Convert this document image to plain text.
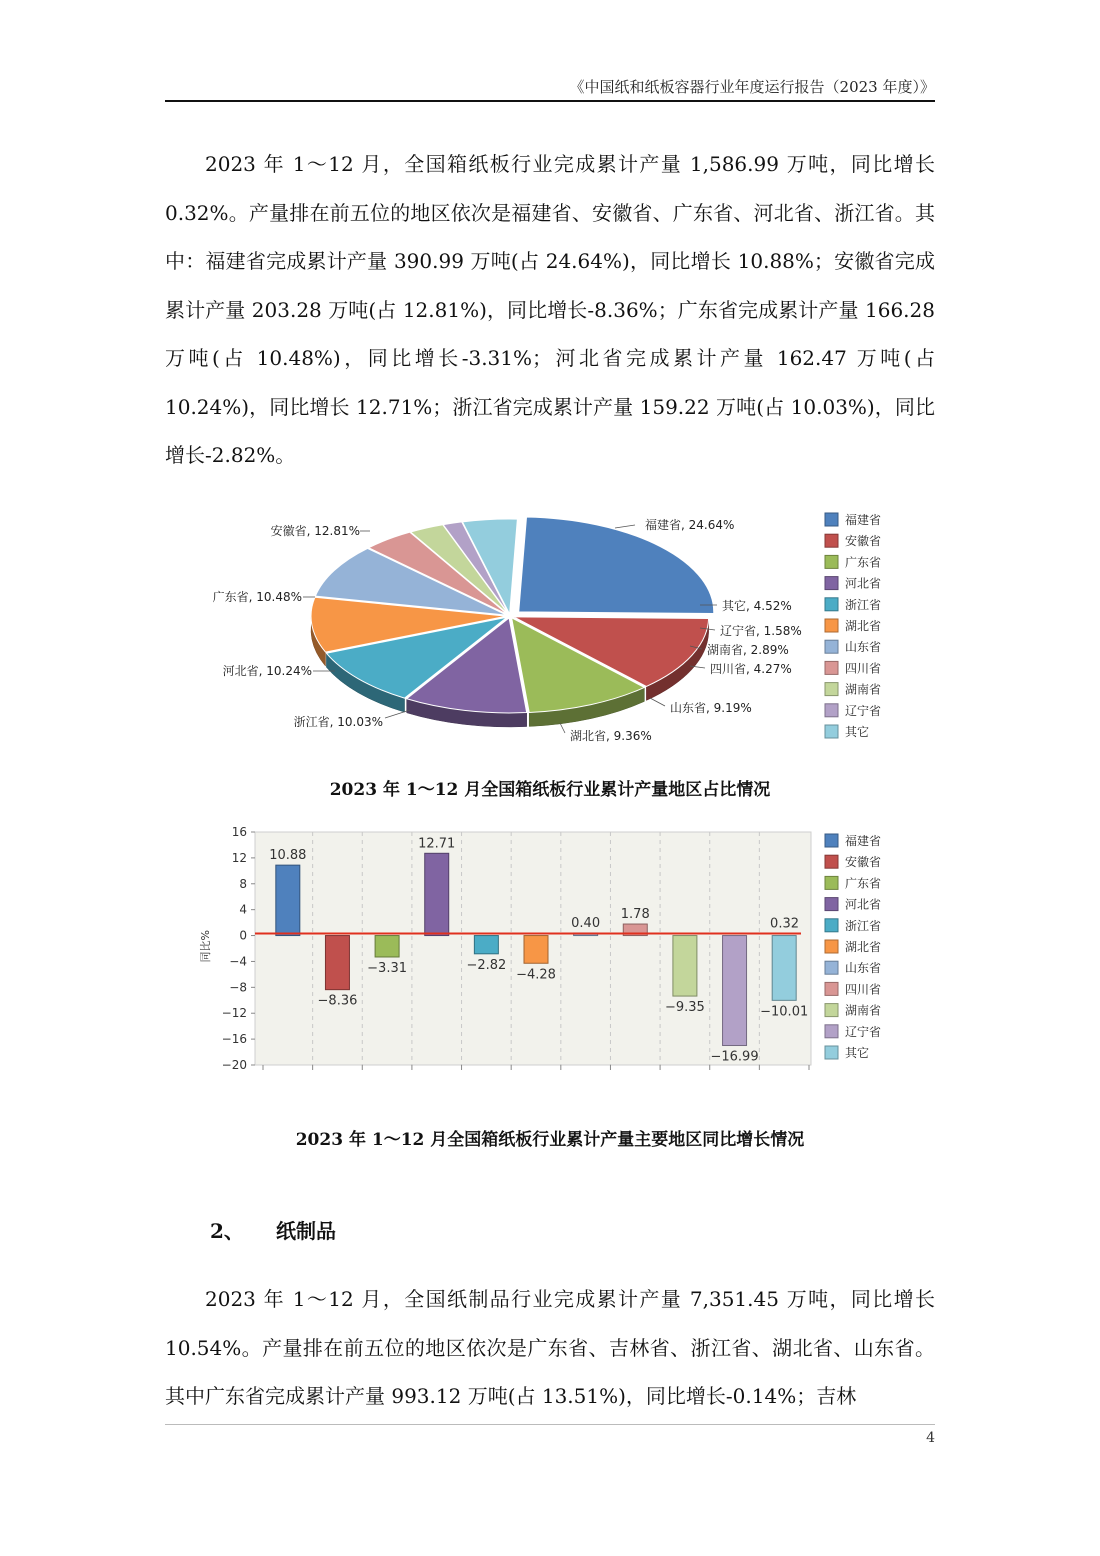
《中国纸和纸板容器行业年度运行报告（2023 年度）》

2023 年 1～12 月，全国箱纸板行业完成累计产量 1,586.99 万吨，同比增长 0.32%。产量排在前五位的地区依次是福建省、安徽省、广东省、河北省、浙江省。其中：福建省完成累计产量 390.99 万吨(占 24.64%)，同比增长 10.88%；安徽省完成累计产量 203.28 万吨(占 12.81%)，同比增长-8.36%；广东省完成累计产量 166.28 万吨(占 10.48%)，同比增长-3.31%；河北省完成累计产量 162.47 万吨(占 10.24%)，同比增长 12.71%；浙江省完成累计产量 159.22 万吨(占 10.03%)，同比增长-2.82%。

福建省, 24.64%
安徽省, 12.81%
广东省, 10.48%
河北省, 10.24%
浙江省, 10.03%
湖北省, 9.36%
山东省, 9.19%
四川省, 4.27%
湖南省, 2.89%
辽宁省, 1.58%
其它, 4.52%
福建省
安徽省
广东省
河北省
浙江省
湖北省
山东省
四川省
湖南省
辽宁省
其它
2023 年 1～12 月全国箱纸板行业累计产量地区占比情况
16
12
8
4
0
−4
−8
−12
−16
−20
10.88
−8.36
−3.31
12.71
−2.82
−4.28
0.40
1.78
−9.35
−16.99
−10.01
0.32
福建省
安徽省
广东省
河北省
浙江省
湖北省
山东省
四川省
湖南省
辽宁省
其它
同比%
2023 年 1～12 月全国箱纸板行业累计产量主要地区同比增长情况
2、 纸制品

2023 年 1～12 月，全国纸制品行业完成累计产量 7,351.45 万吨，同比增长 10.54%。产量排在前五位的地区依次是广东省、吉林省、浙江省、湖北省、山东省。其中广东省完成累计产量 993.12 万吨(占 13.51%)，同比增长-0.14%；吉林

4
